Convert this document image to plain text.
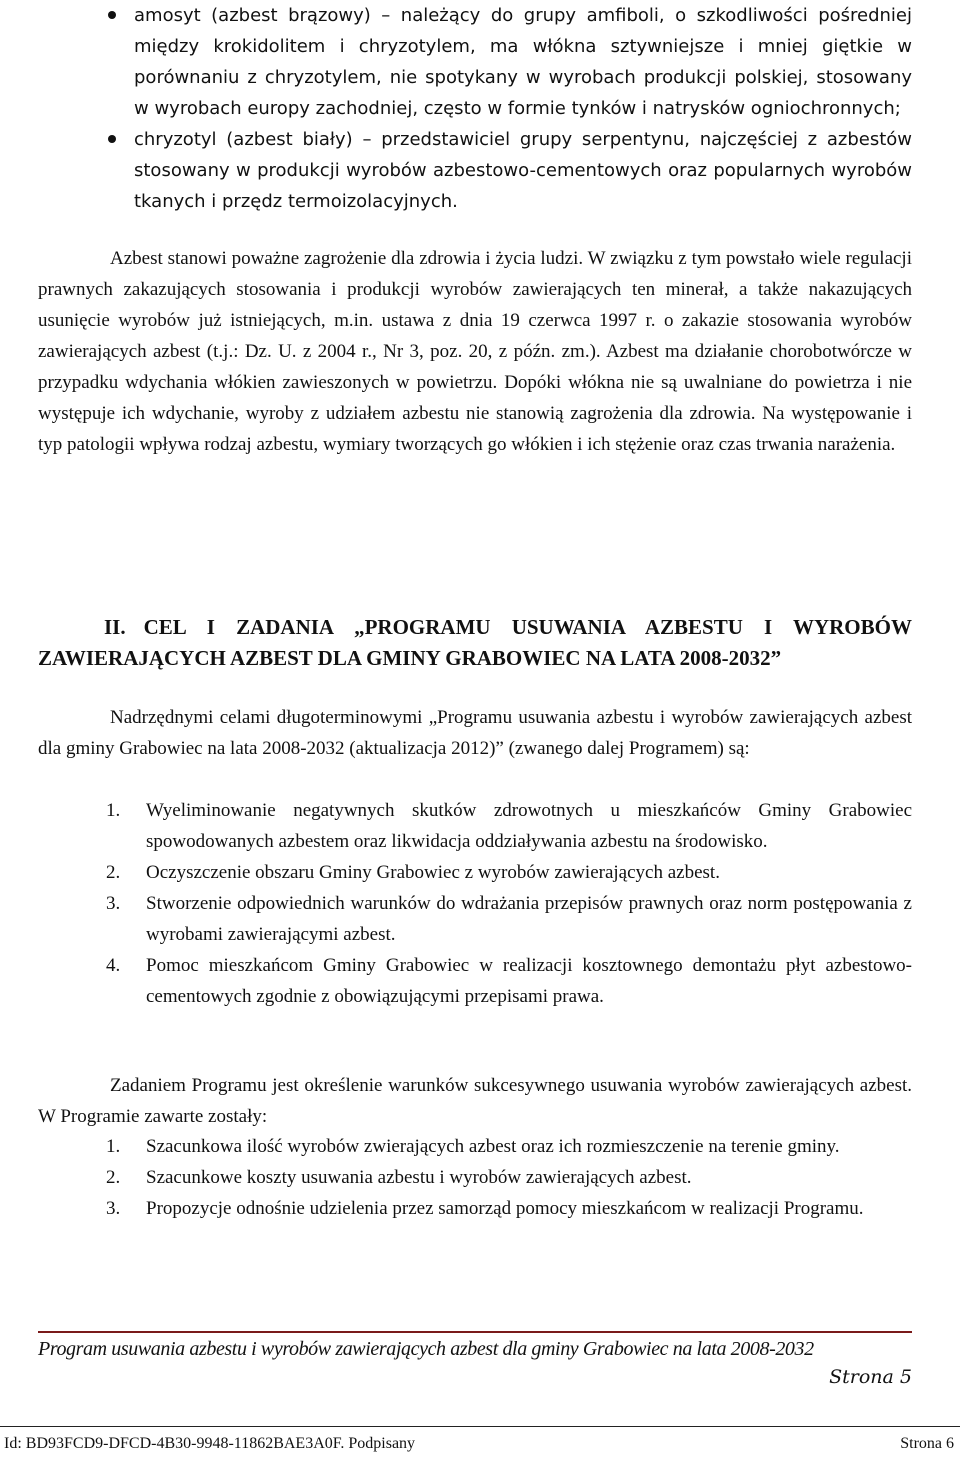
amosyt (azbest brązowy) – należący do grupy amfiboli, o szkodliwości pośredniej między krokidolitem i chryzotylem, ma włókna sztywniejsze i mniej giętkie w porównaniu z chryzotylem, nie spotykany w wyrobach produkcji polskiej, stosowany w wyrobach europy zachodniej, często w formie tynków i natrysków ogniochronnych;
chryzotyl (azbest biały) – przedstawiciel grupy serpentynu, najczęściej z azbestów stosowany w produkcji wyrobów azbestowo-cementowych oraz popularnych wyrobów tkanych i przędz termoizolacyjnych.
Azbest stanowi poważne zagrożenie dla zdrowia i życia ludzi. W związku z tym powstało wiele regulacji prawnych zakazujących stosowania i produkcji wyrobów zawierających ten minerał, a także nakazujących usunięcie wyrobów już istniejących, m.in. ustawa z dnia 19 czerwca 1997 r. o zakazie stosowania wyrobów zawierających azbest (t.j.: Dz. U. z 2004 r., Nr 3, poz. 20, z późn. zm.). Azbest ma działanie chorobotwórcze w przypadku wdychania włókien zawieszonych w powietrzu. Dopóki włókna nie są uwalniane do powietrza i nie występuje ich wdychanie, wyroby z udziałem azbestu nie stanowią zagrożenia dla zdrowia. Na występowanie i typ patologii wpływa rodzaj azbestu, wymiary tworzących go włókien i ich stężenie oraz czas trwania narażenia.
II. CEL I ZADANIA „PROGRAMU USUWANIA AZBESTU I WYROBÓW ZAWIERAJĄCYCH AZBEST DLA GMINY GRABOWIEC NA LATA 2008-2032”
Nadrzędnymi celami długoterminowymi „Programu usuwania azbestu i wyrobów zawierających azbest dla gminy Grabowiec na lata 2008-2032 (aktualizacja 2012)” (zwanego dalej Programem) są:
1. Wyeliminowanie negatywnych skutków zdrowotnych u mieszkańców Gminy Grabowiec spowodowanych azbestem oraz likwidacja oddziaływania azbestu na środowisko.
2. Oczyszczenie obszaru Gminy Grabowiec z wyrobów zawierających azbest.
3. Stworzenie odpowiednich warunków do wdrażania przepisów prawnych oraz norm postępowania z wyrobami zawierającymi azbest.
4. Pomoc mieszkańcom Gminy Grabowiec w realizacji kosztownego demontażu płyt azbestowo-cementowych zgodnie z obowiązującymi przepisami prawa.
Zadaniem Programu jest określenie warunków sukcesywnego usuwania wyrobów zawierających azbest. W Programie zawarte zostały:
1. Szacunkowa ilość wyrobów zwierających azbest oraz ich rozmieszczenie na terenie gminy.
2. Szacunkowe koszty usuwania azbestu i wyrobów zawierających azbest.
3. Propozycje odnośnie udzielenia przez samorząd pomocy mieszkańcom w realizacji Programu.
Program usuwania azbestu i wyrobów zawierających azbest dla gminy Grabowiec na lata 2008-2032
Strona 5
Id: BD93FCD9-DFCD-4B30-9948-11862BAE3A0F. Podpisany	Strona 6
